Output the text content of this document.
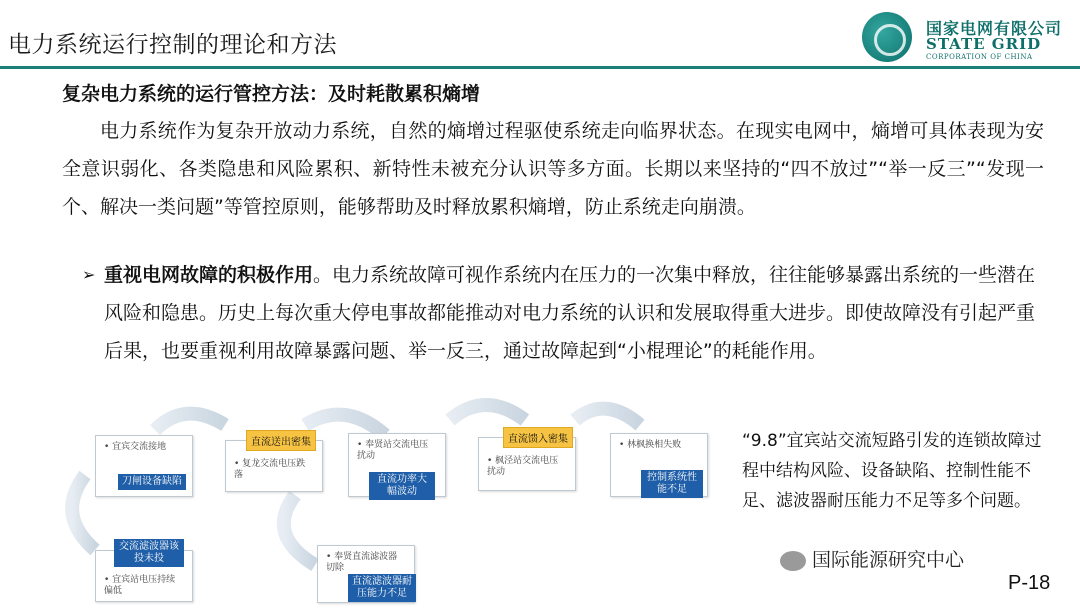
电力系统运行控制的理论和方法
国家电网有限公司
STATE GRID
CORPORATION OF CHINA
复杂电力系统的运行管控方法：及时耗散累积熵增
电力系统作为复杂开放动力系统，自然的熵增过程驱使系统走向临界状态。在现实电网中，熵增可具体表现为安全意识弱化、各类隐患和风险累积、新特性未被充分认识等多方面。长期以来坚持的“四不放过”“举一反三”“发现一个、解决一类问题”等管控原则，能够帮助及时释放累积熵增，防止系统走向崩溃。
➢ 重视电网故障的积极作用。电力系统故障可视作系统内在压力的一次集中释放，往往能够暴露出系统的一些潜在风险和隐患。历史上每次重大停电事故都能推动对电力系统的认识和发展取得重大进步。即使故障没有引起严重后果，也要重视利用故障暴露问题、举一反三，通过故障起到“小棍理论”的耗能作用。
• 宜宾交流接地
刀闸设备缺陷
直流送出密集
• 复龙交流电压跌落
• 奉贤站交流电压扰动
直流功率大幅波动
直流馈入密集
• 枫泾站交流电压扰动
• 林枫换相失败
控制系统性能不足
交流滤波器该投未投
• 宜宾站电压持续偏低
• 奉贤直流滤波器切除
直流滤波器耐压能力不足
“9.8”宜宾站交流短路引发的连锁故障过程中结构风险、设备缺陷、控制性能不足、滤波器耐压能力不足等多个问题。
国际能源研究中心
P-18
